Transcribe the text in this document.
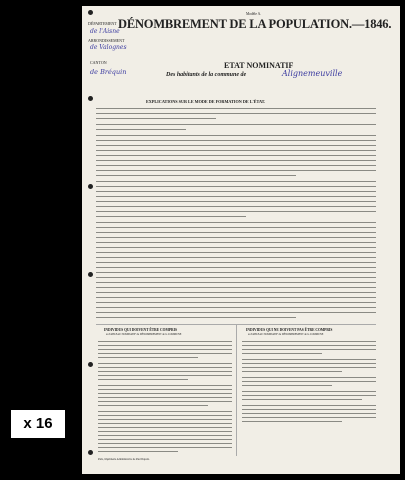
x 16
Modèle A.
DÉPARTEMENT DÉNOMBREMENT DE LA POPULATION.—1846.
de l'Aisne
ARRONDISSEMENT
de Valognes
CANTON
de Bréquin
ETAT NOMINATIF
Des habitants de la commune de	Alignemeuville
EXPLICATIONS SUR LE MODE DE FORMATION DE L'ÉTAT.
INDIVIDUS QUI DOIVENT ÊTRE COMPRIS
au TABLEAU NOMINATIF du DÉNOMBREMENT de la COMMUNE
INDIVIDUS QUI NE DOIVENT PAS ÊTRE COMPRIS
au TABLEAU NOMINATIF du DÉNOMBREMENT de la COMMUNE
Paris, Imprimerie Administrative de Paul Dupont.
